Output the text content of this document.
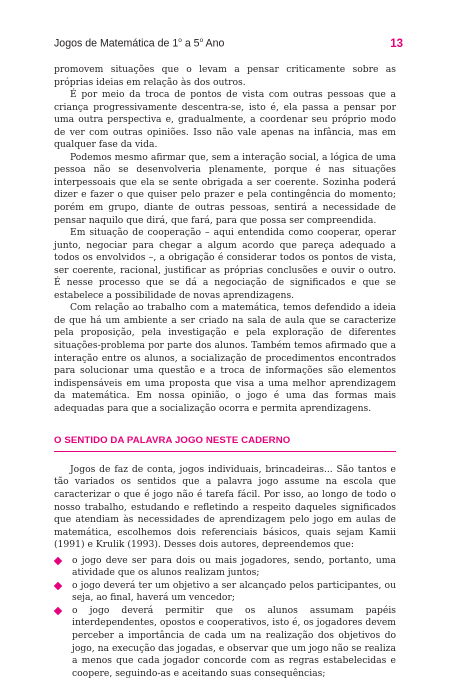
Jogos de Matemática de 1$^o$ a 5$^o$ Ano	13

promovem situações que o levam a pensar criticamente sobre as próprias ideias em relação às dos outros.

É por meio da troca de pontos de vista com outras pessoas que a criança progressivamente descentra-se, isto é, ela passa a pensar por uma outra perspectiva e, gradualmente, a coordenar seu próprio modo de ver com outras opiniões. Isso não vale apenas na infância, mas em qualquer fase da vida.

Podemos mesmo afirmar que, sem a interação social, a lógica de uma pessoa não se desenvolveria plenamente, porque é nas situações interpessoais que ela se sente obrigada a ser coerente. Sozinha poderá dizer e fazer o que quiser pelo prazer e pela contingência do momento; porém em grupo, diante de outras pessoas, sentirá a necessidade de pensar naquilo que dirá, que fará, para que possa ser compreendida.

Em situação de cooperação – aqui entendida como cooperar, operar junto, negociar para chegar a algum acordo que pareça adequado a todos os envolvidos –, a obrigação é considerar todos os pontos de vista, ser coerente, racional, justificar as próprias conclusões e ouvir o outro. É nesse processo que se dá a negociação de significados e que se estabelece a possibilidade de novas aprendizagens.

Com relação ao trabalho com a matemática, temos defendido a ideia de que há um ambiente a ser criado na sala de aula que se caracterize pela proposição, pela investigação e pela exploração de diferentes situações-problema por parte dos alunos. Também temos afirmado que a interação entre os alunos, a socialização de procedimentos encontrados para solucionar uma questão e a troca de informações são elementos indispensáveis em uma proposta que visa a uma melhor aprendizagem da matemática. Em nossa opinião, o jogo é uma das formas mais adequadas para que a socialização ocorra e permita aprendizagens.

O SENTIDO DA PALAVRA JOGO NESTE CADERNO

Jogos de faz de conta, jogos individuais, brincadeiras... São tantos e tão variados os sentidos que a palavra jogo assume na escola que caracterizar o que é jogo não é tarefa fácil. Por isso, ao longo de todo o nosso trabalho, estudando e refletindo a respeito daqueles significados que atendiam às necessidades de aprendizagem pelo jogo em aulas de matemática, escolhemos dois referenciais básicos, quais sejam Kamii (1991) e Krulik (1993). Desses dois autores, depreendemos que:

o jogo deve ser para dois ou mais jogadores, sendo, portanto, uma atividade que os alunos realizam juntos;
o jogo deverá ter um objetivo a ser alcançado pelos participantes, ou seja, ao final, haverá um vencedor;
o jogo deverá permitir que os alunos assumam papéis interdependentes, opostos e cooperativos, isto é, os jogadores devem perceber a importância de cada um na realização dos objetivos do jogo, na execução das jogadas, e observar que um jogo não se realiza a menos que cada jogador concorde com as regras estabelecidas e coopere, seguindo-as e aceitando suas consequências;
